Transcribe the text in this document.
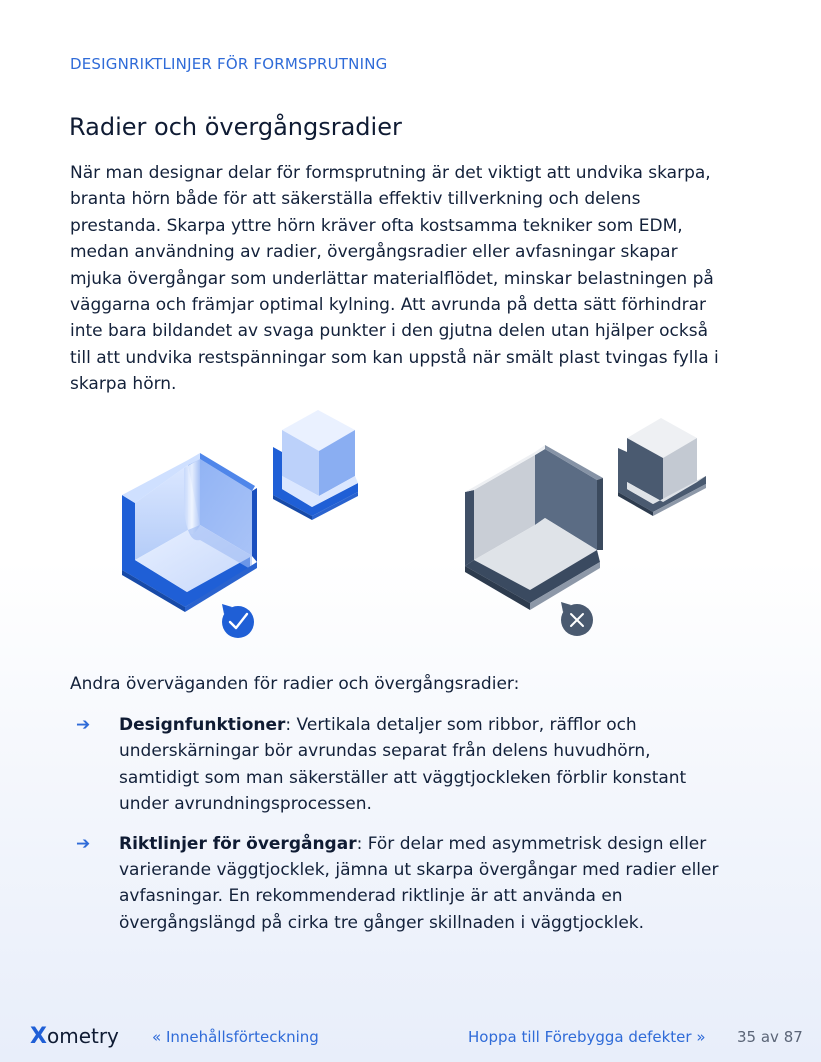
DESIGNRIKTLINJER FÖR FORMSPRUTNING
Radier och övergångsradier

När man designar delar för formsprutning är det viktigt att undvika skarpa, branta hörn både för att säkerställa effektiv tillverkning och delens prestanda. Skarpa yttre hörn kräver ofta kostsamma tekniker som EDM, medan användning av radier, övergångsradier eller avfasningar skapar mjuka övergångar som underlättar materialflödet, minskar belastningen på väggarna och främjar optimal kylning. Att avrunda på detta sätt förhindrar inte bara bildandet av svaga punkter i den gjutna delen utan hjälper också till att undvika restspänningar som kan uppstå när smält plast tvingas fylla i skarpa hörn.

Andra överväganden för radier och övergångsradier:

➔ Designfunktioner: Vertikala detaljer som ribbor, räfflor och underskärningar bör avrundas separat från delens huvudhörn, samtidigt som man säkerställer att väggtjockleken förblir konstant under avrundningsprocessen.
➔ Riktlinjer för övergångar: För delar med asymmetrisk design eller varierande väggtjocklek, jämna ut skarpa övergångar med radier eller avfasningar. En rekommenderad riktlinje är att använda en övergångslängd på cirka tre gånger skillnaden i väggtjocklek.
Xometry « Innehållsförteckning	Hoppa till Förebygga defekter » 35 av 87
